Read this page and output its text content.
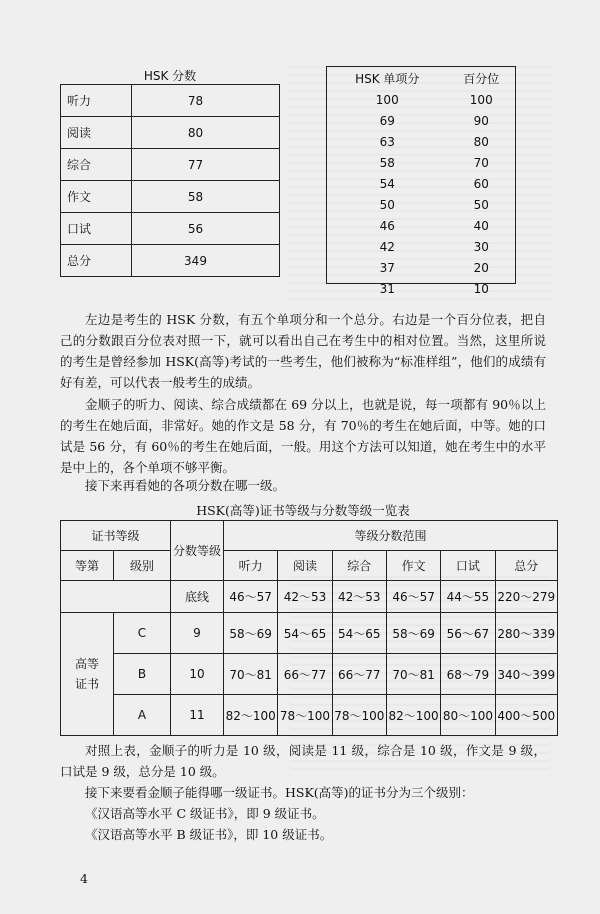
HSK 分数	
听力	78
阅读	80
综合	77
作文	58
口试	56
总分	349
HSK 单项分	百分位
100	100
69	90
63	80
58	70
54	60
50	50
46	40
42	30
37	20
31	10

左边是考生的 HSK 分数，有五个单项分和一个总分。右边是一个百分位表，把自己的分数跟百分位表对照一下，就可以看出自己在考生中的相对位置。当然，这里所说的考生是曾经参加 HSK(高等)考试的一些考生，他们被称为“标准样组”，他们的成绩有好有差，可以代表一般考生的成绩。

金顺子的听力、阅读、综合成绩都在 69 分以上，也就是说，每一项都有 90％以上的考生在她后面，非常好。她的作文是 58 分，有 70％的考生在她后面，中等。她的口试是 56 分，有 60％的考生在她后面，一般。用这个方法可以知道，她在考生中的水平是中上的，各个单项不够平衡。

接下来再看她的各项分数在哪一级。

HSK(高等)证书等级与分数等级一览表
证书等级		分数等级	等级分数范围					
等第	级别		听力	阅读	综合	作文	口试	总分
		底线	46～57	42～53	42～53	46～57	44～55	220～279
高等证书	C	9	58～69	54～65	54～65	58～69	56～67	280～339
	B	10	70～81	66～77	66～77	70～81	68～79	340～399
	A	11	82～100	78～100	78～100	82～100	80～100	400～500

对照上表，金顺子的听力是 10 级，阅读是 11 级，综合是 10 级，作文是 9 级，口试是 9 级，总分是 10 级。

接下来要看金顺子能得哪一级证书。HSK(高等)的证书分为三个级别：

《汉语高等水平 C 级证书》，即 9 级证书。

《汉语高等水平 B 级证书》，即 10 级证书。

4
